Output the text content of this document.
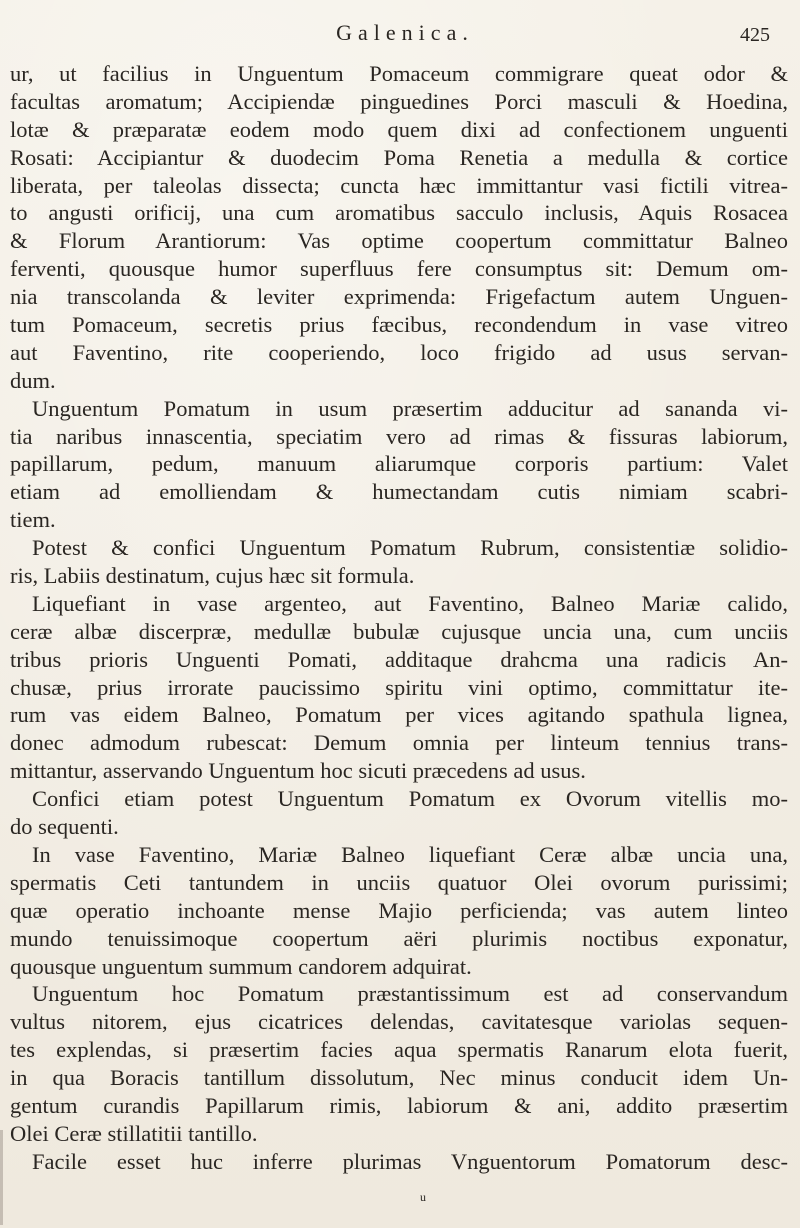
Galenica.	425
ur, ut facilius in Unguentum Pomaceum commigrare queat odor &
facultas aromatum; Accipiendæ pinguedines Porci masculi & Hoedina,
lotæ & præparatæ eodem modo quem dixi ad confectionem unguenti
Rosati: Accipiantur & duodecim Poma Renetia a medulla & cortice
liberata, per taleolas dissecta; cuncta hæc immittantur vasi fictili vitrea-
to angusti orificij, una cum aromatibus sacculo inclusis, Aquis Rosacea
& Florum Arantiorum: Vas optime coopertum committatur Balneo
ferventi, quousque humor superfluus fere consumptus sit: Demum om-
nia transcolanda & leviter exprimenda: Frigefactum autem Unguen-
tum Pomaceum, secretis prius fæcibus, recondendum in vase vitreo
aut Faventino, rite cooperiendo, loco frigido ad usus servan-
dum.
Unguentum Pomatum in usum præsertim adducitur ad sananda vi-
tia naribus innascentia, speciatim vero ad rimas & fissuras labiorum,
papillarum, pedum, manuum aliarumque corporis partium: Valet
etiam ad emolliendam & humectandam cutis nimiam scabri-
tiem.
Potest & confici Unguentum Pomatum Rubrum, consistentiæ solidio-
ris, Labiis destinatum, cujus hæc sit formula.
Liquefiant in vase argenteo, aut Faventino, Balneo Mariæ calido,
ceræ albæ discerpræ, medullæ bubulæ cujusque uncia una, cum unciis
tribus prioris Unguenti Pomati, additaque drahcma una radicis An-
chusæ, prius irrorate paucissimo spiritu vini optimo, committatur ite-
rum vas eidem Balneo, Pomatum per vices agitando spathula lignea,
donec admodum rubescat: Demum omnia per linteum tennius trans-
mittantur, asservando Unguentum hoc sicuti præcedens ad usus.
Confici etiam potest Unguentum Pomatum ex Ovorum vitellis mo-
do sequenti.
In vase Faventino, Mariæ Balneo liquefiant Ceræ albæ uncia una,
spermatis Ceti tantundem in unciis quatuor Olei ovorum purissimi;
quæ operatio inchoante mense Majio perficienda; vas autem linteo
mundo tenuissimoque coopertum aëri plurimis noctibus exponatur,
quousque unguentum summum candorem adquirat.
Unguentum hoc Pomatum præstantissimum est ad conservandum
vultus nitorem, ejus cicatrices delendas, cavitatesque variolas sequen-
tes explendas, si præsertim facies aqua spermatis Ranarum elota fuerit,
in qua Boracis tantillum dissolutum, Nec minus conducit idem Un-
gentum curandis Papillarum rimis, labiorum & ani, addito præsertim
Olei Ceræ stillatitii tantillo.
Facile esset huc inferre plurimas Vnguentorum Pomatorum desc-
u
